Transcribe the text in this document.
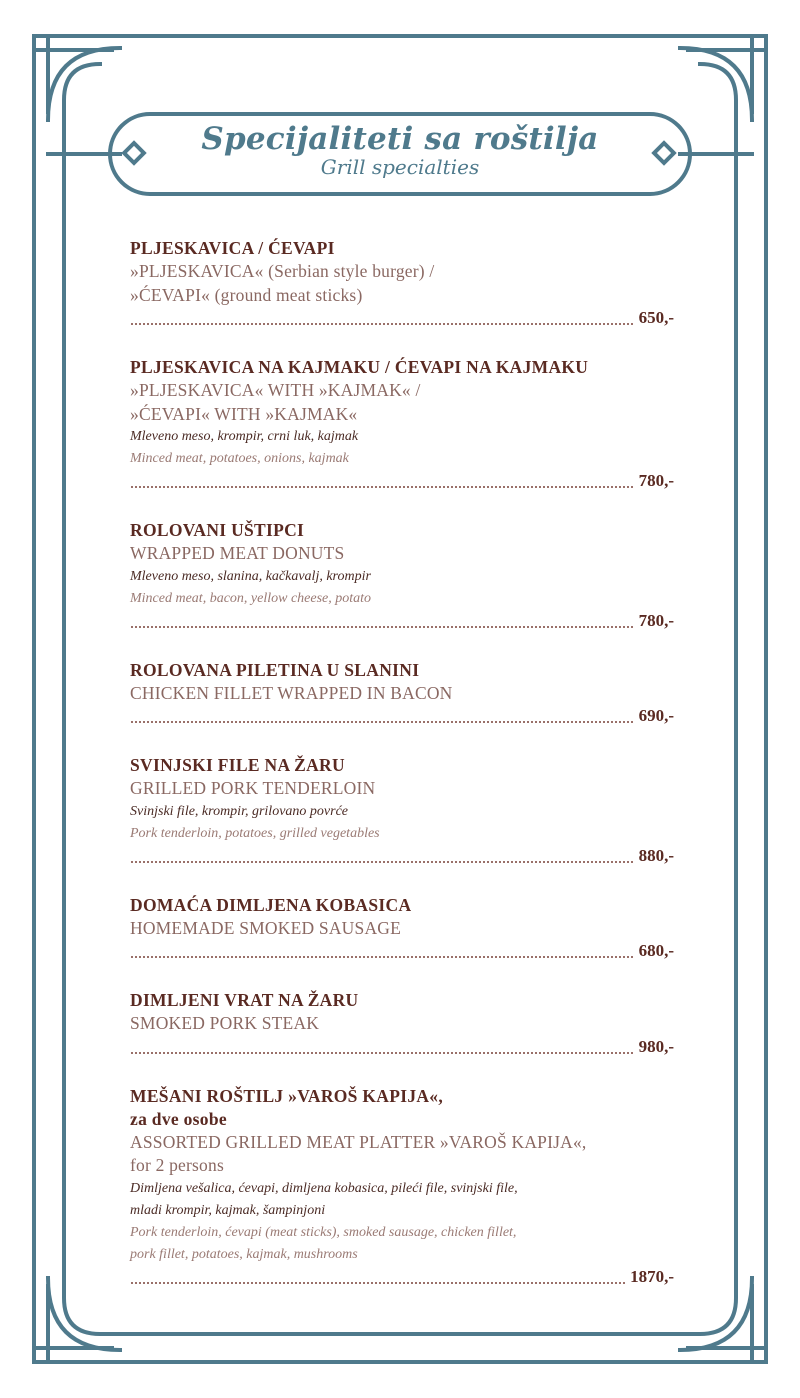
Specijaliteti sa roštilja
Grill specialties
PLJESKAVICA / ĆEVAPI
»PLJESKAVICA« (Serbian style burger) /
»ĆEVAPI« (ground meat sticks)
650,-
PLJESKAVICA NA KAJMAKU / ĆEVAPI NA KAJMAKU
»PLJESKAVICA« WITH »KAJMAK« /
»ĆEVAPI« WITH »KAJMAK«
Mleveno meso, krompir, crni luk, kajmak
Minced meat, potatoes, onions, kajmak
780,-
ROLOVANI UŠTIPCI
WRAPPED MEAT DONUTS
Mleveno meso, slanina, kačkavalj, krompir
Minced meat, bacon, yellow cheese, potato
780,-
ROLOVANA PILETINA U SLANINI
CHICKEN FILLET WRAPPED IN BACON
690,-
SVINJSKI FILE NA ŽARU
GRILLED PORK TENDERLOIN
Svinjski file, krompir, grilovano povrće
Pork tenderloin, potatoes, grilled vegetables
880,-
DOMAĆA DIMLJENA KOBASICA
HOMEMADE SMOKED SAUSAGE
680,-
DIMLJENI VRAT NA ŽARU
SMOKED PORK STEAK
980,-
MEŠANI ROŠTILJ »VAROŠ KAPIJA«,
za dve osobe
ASSORTED GRILLED MEAT PLATTER »VAROŠ KAPIJA«,
for 2 persons
Dimljena vešalica, ćevapi, dimljena kobasica, pileći file, svinjski file,
mladi krompir, kajmak, šampinjoni
Pork tenderloin, ćevapi (meat sticks), smoked sausage, chicken fillet,
pork fillet, potatoes, kajmak, mushrooms
1870,-
